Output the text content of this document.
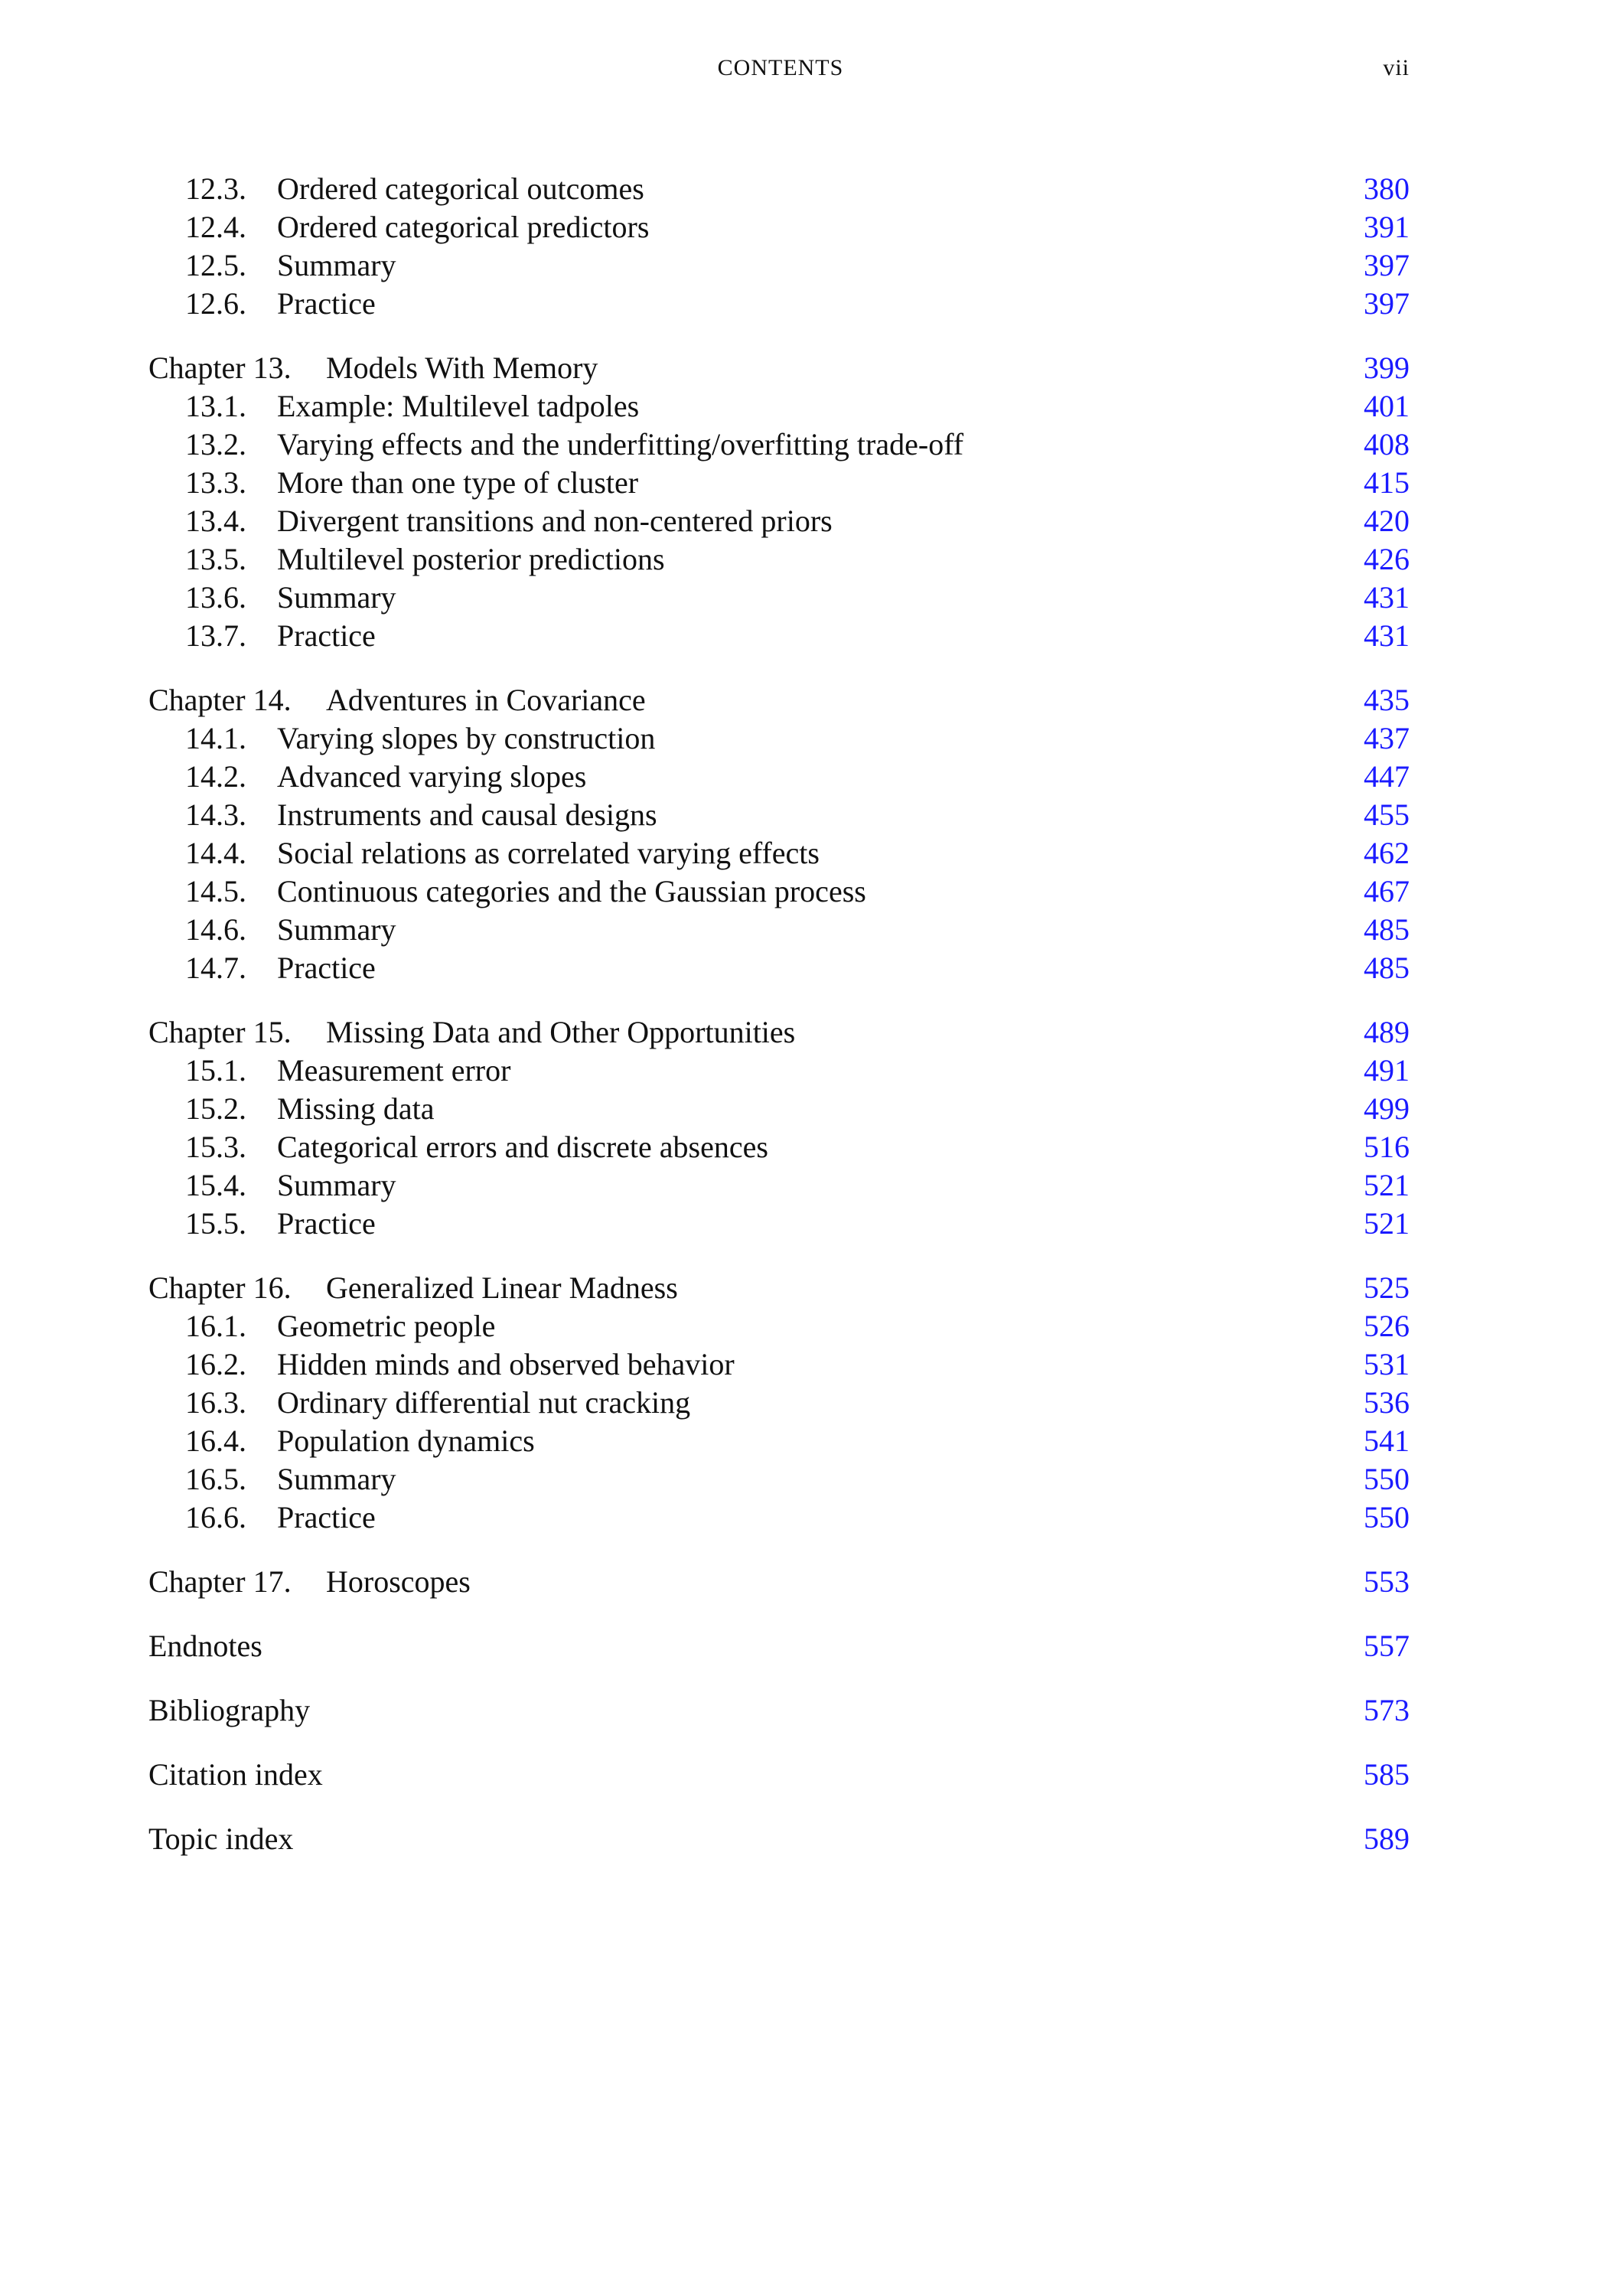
CONTENTS	vii
12.3. Ordered categorical outcomes	380
12.4. Ordered categorical predictors	391
12.5. Summary	397
12.6. Practice	397
Chapter 13. Models With Memory	399
13.1. Example: Multilevel tadpoles	401
13.2. Varying effects and the underfitting/overfitting trade-off	408
13.3. More than one type of cluster	415
13.4. Divergent transitions and non-centered priors	420
13.5. Multilevel posterior predictions	426
13.6. Summary	431
13.7. Practice	431
Chapter 14. Adventures in Covariance	435
14.1. Varying slopes by construction	437
14.2. Advanced varying slopes	447
14.3. Instruments and causal designs	455
14.4. Social relations as correlated varying effects	462
14.5. Continuous categories and the Gaussian process	467
14.6. Summary	485
14.7. Practice	485
Chapter 15. Missing Data and Other Opportunities	489
15.1. Measurement error	491
15.2. Missing data	499
15.3. Categorical errors and discrete absences	516
15.4. Summary	521
15.5. Practice	521
Chapter 16. Generalized Linear Madness	525
16.1. Geometric people	526
16.2. Hidden minds and observed behavior	531
16.3. Ordinary differential nut cracking	536
16.4. Population dynamics	541
16.5. Summary	550
16.6. Practice	550
Chapter 17. Horoscopes	553
Endnotes	557
Bibliography	573
Citation index	585
Topic index	589
